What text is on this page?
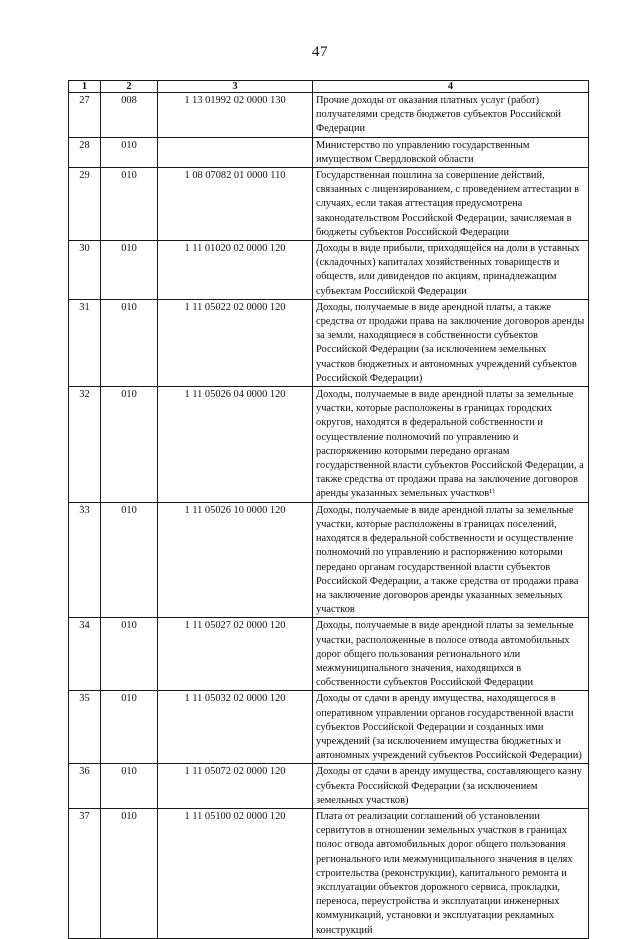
47
1	2	3	4
27	008	1 13 01992 02 0000 130	Прочие доходы от оказания платных услуг (работ) получателями средств бюджетов субъектов Российской Федерации
28	010		Министерство по управлению государственным имуществом Свердловской области
29	010	1 08 07082 01 0000 110	Государственная пошлина за совершение действий, связанных с лицензированием, с проведением аттестации в случаях, если такая аттестация предусмотрена законодательством Российской Федерации, зачисляемая в бюджеты субъектов Российской Федерации
30	010	1 11 01020 02 0000 120	Доходы в виде прибыли, приходящейся на доли в уставных (складочных) капиталах хозяйственных товариществ и обществ, или дивидендов по акциям, принадлежащим субъектам Российской Федерации
31	010	1 11 05022 02 0000 120	Доходы, получаемые в виде арендной платы, а также средства от продажи права на заключение договоров аренды за земли, находящиеся в собственности субъектов Российской Федерации (за исключением земельных участков бюджетных и автономных учреждений субъектов Российской Федерации)
32	010	1 11 05026 04 0000 120	Доходы, получаемые в виде арендной платы за земельные участки, которые расположены в границах городских округов, находятся в федеральной собственности и осуществление полномочий по управлению и распоряжению которыми передано органам государственной власти субъектов Российской Федерации, а также средства от продажи права на заключение договоров аренды указанных земельных участков¹⁾
33	010	1 11 05026 10 0000 120	Доходы, получаемые в виде арендной платы за земельные участки, которые расположены в границах поселений, находятся в федеральной собственности и осуществление полномочий по управлению и распоряжению которыми передано органам государственной власти субъектов Российской Федерации, а также средства от продажи права на заключение договоров аренды указанных земельных участков
34	010	1 11 05027 02 0000 120	Доходы, получаемые в виде арендной платы за земельные участки, расположенные в полосе отвода автомобильных дорог общего пользования регионального или межмуниципального значения, находящихся в собственности субъектов Российской Федерации
35	010	1 11 05032 02 0000 120	Доходы от сдачи в аренду имущества, находящегося в оперативном управлении органов государственной власти субъектов Российской Федерации и созданных ими учреждений (за исключением имущества бюджетных и автономных учреждений субъектов Российской Федерации)
36	010	1 11 05072 02 0000 120	Доходы от сдачи в аренду имущества, составляющего казну субъекта Российской Федерации (за исключением земельных участков)
37	010	1 11 05100 02 0000 120	Плата от реализации соглашений об установлении сервитутов в отношении земельных участков в границах полос отвода автомобильных дорог общего пользования регионального или межмуниципального значения в целях строительства (реконструкции), капитального ремонта и эксплуатации объектов дорожного сервиса, прокладки, переноса, переустройства и эксплуатации инженерных коммуникаций, установки и эксплуатации рекламных конструкций
